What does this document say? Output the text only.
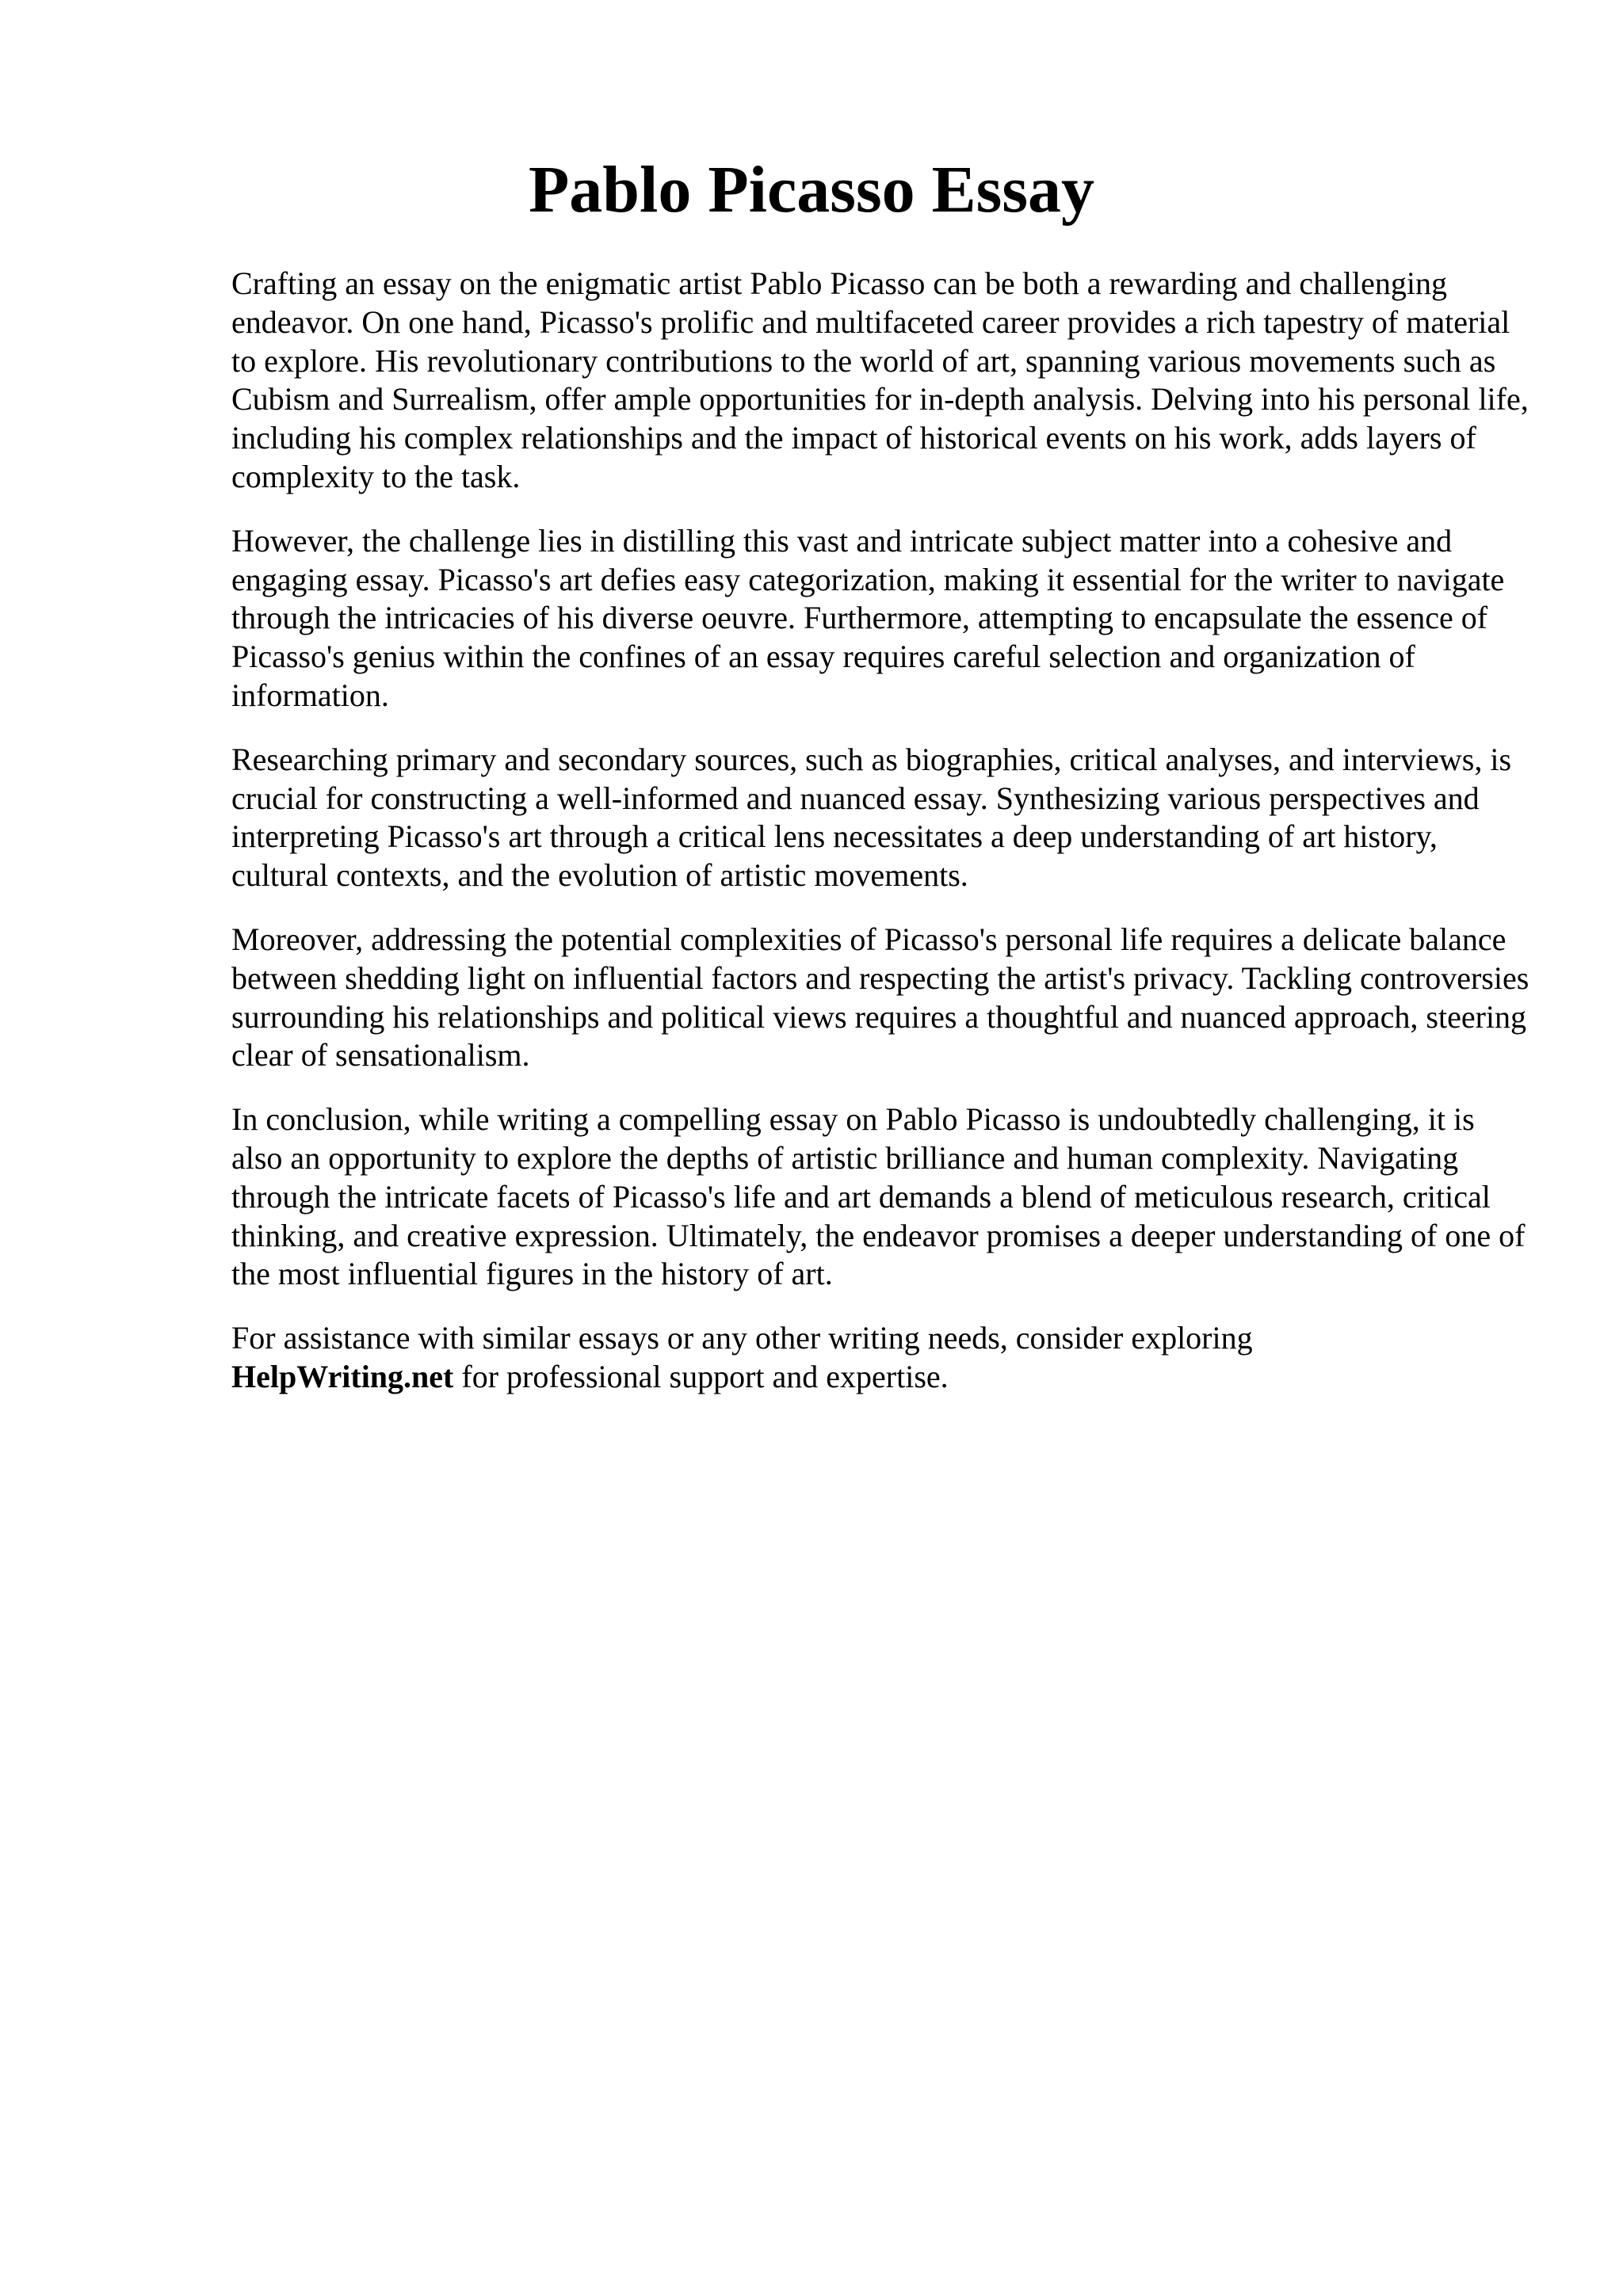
Pablo Picasso Essay

Crafting an essay on the enigmatic artist Pablo Picasso can be both a rewarding and challenging endeavor. On one hand, Picasso's prolific and multifaceted career provides a rich tapestry of material to explore. His revolutionary contributions to the world of art, spanning various movements such as Cubism and Surrealism, offer ample opportunities for in-depth analysis. Delving into his personal life, including his complex relationships and the impact of historical events on his work, adds layers of complexity to the task.

However, the challenge lies in distilling this vast and intricate subject matter into a cohesive and engaging essay. Picasso's art defies easy categorization, making it essential for the writer to navigate through the intricacies of his diverse oeuvre. Furthermore, attempting to encapsulate the essence of Picasso's genius within the confines of an essay requires careful selection and organization of information.

Researching primary and secondary sources, such as biographies, critical analyses, and interviews, is crucial for constructing a well-informed and nuanced essay. Synthesizing various perspectives and interpreting Picasso's art through a critical lens necessitates a deep understanding of art history, cultural contexts, and the evolution of artistic movements.

Moreover, addressing the potential complexities of Picasso's personal life requires a delicate balance between shedding light on influential factors and respecting the artist's privacy. Tackling controversies surrounding his relationships and political views requires a thoughtful and nuanced approach, steering clear of sensationalism.

In conclusion, while writing a compelling essay on Pablo Picasso is undoubtedly challenging, it is also an opportunity to explore the depths of artistic brilliance and human complexity. Navigating through the intricate facets of Picasso's life and art demands a blend of meticulous research, critical thinking, and creative expression. Ultimately, the endeavor promises a deeper understanding of one of the most influential figures in the history of art.

For assistance with similar essays or any other writing needs, consider exploring
HelpWriting.net for professional support and expertise.
